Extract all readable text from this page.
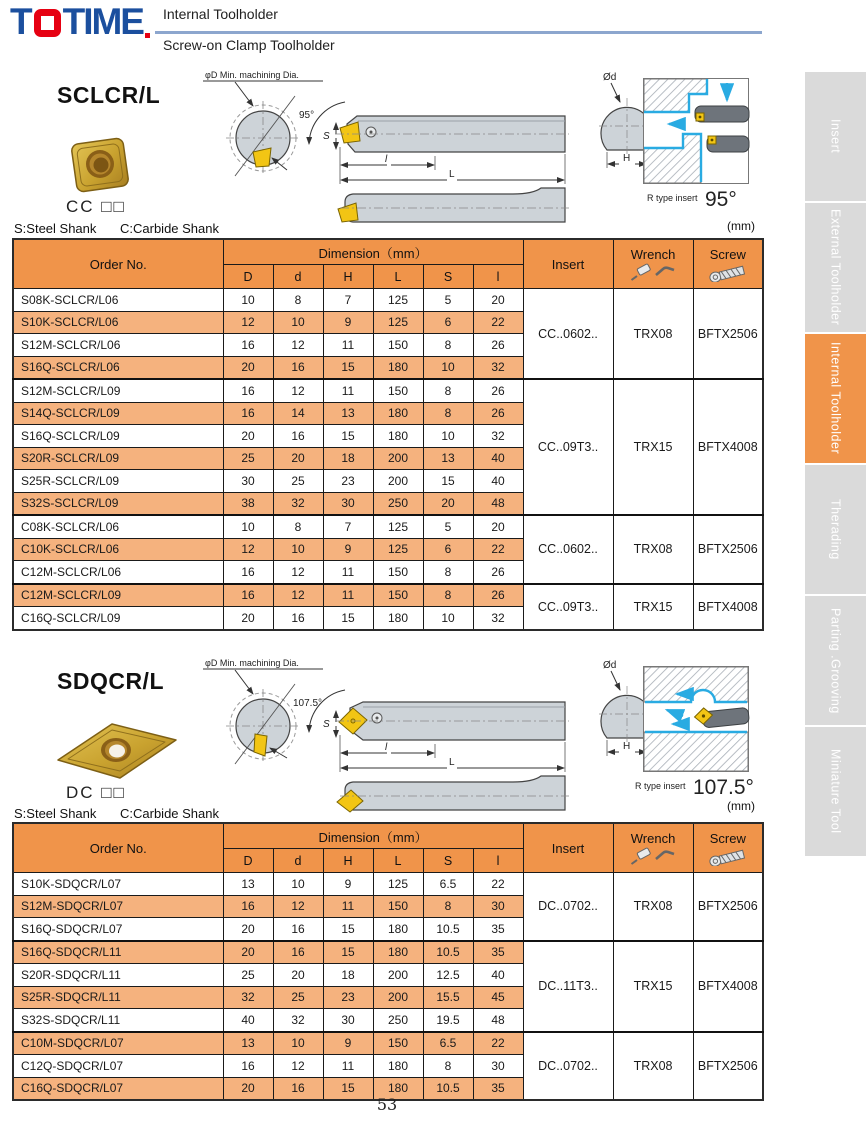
T TIME Internal Toolholder
Screw-on Clamp Toolholder
Insert
External Toolholder
Internal Toolholder
Therading
Parting .Grooving
Miniature Tool
SCLCR/L
CC □□
φD Min. machining Dia.
95°
S
l
L
Ød
H
R type insert 95°
S:Steel Shank C:Carbide Shank	(mm)
Order No.	Dimension（mm）						Insert	Wrench	Screw

	D	d	H	L	S	l			
S08K-SCLCR/L06	10	8	7	125	5	20	CC..0602..	TRX08	BFTX2506
S10K-SCLCR/L06	12	10	9	125	6	22			
S12M-SCLCR/L06	16	12	11	150	8	26			
S16Q-SCLCR/L06	20	16	15	180	10	32			
S12M-SCLCR/L09	16	12	11	150	8	26	CC..09T3..	TRX15	BFTX4008
S14Q-SCLCR/L09	16	14	13	180	8	26			
S16Q-SCLCR/L09	20	16	15	180	10	32			
S20R-SCLCR/L09	25	20	18	200	13	40			
S25R-SCLCR/L09	30	25	23	200	15	40			
S32S-SCLCR/L09	38	32	30	250	20	48			
C08K-SCLCR/L06	10	8	7	125	5	20	CC..0602..	TRX08	BFTX2506
C10K-SCLCR/L06	12	10	9	125	6	22			
C12M-SCLCR/L06	16	12	11	150	8	26			
C12M-SCLCR/L09	16	12	11	150	8	26	CC..09T3..	TRX15	BFTX4008
C16Q-SCLCR/L09	20	16	15	180	10	32			
SDQCR/L
DC □□
φD Min. machining Dia.
107.5°
S
l
L
Ød
H
R type insert 107.5°
S:Steel Shank C:Carbide Shank	(mm)
Order No.	Dimension（mm）						Insert	Wrench	Screw

	D	d	H	L	S	l			
S10K-SDQCR/L07	13	10	9	125	6.5	22	DC..0702..	TRX08	BFTX2506
S12M-SDQCR/L07	16	12	11	150	8	30			
S16Q-SDQCR/L07	20	16	15	180	10.5	35			
S16Q-SDQCR/L11	20	16	15	180	10.5	35	DC..11T3..	TRX15	BFTX4008
S20R-SDQCR/L11	25	20	18	200	12.5	40			
S25R-SDQCR/L11	32	25	23	200	15.5	45			
S32S-SDQCR/L11	40	32	30	250	19.5	48			
C10M-SDQCR/L07	13	10	9	150	6.5	22	DC..0702..	TRX08	BFTX2506
C12Q-SDQCR/L07	16	12	11	180	8	30			
C16Q-SDQCR/L07	20	16	15	180	10.5	35			
53
